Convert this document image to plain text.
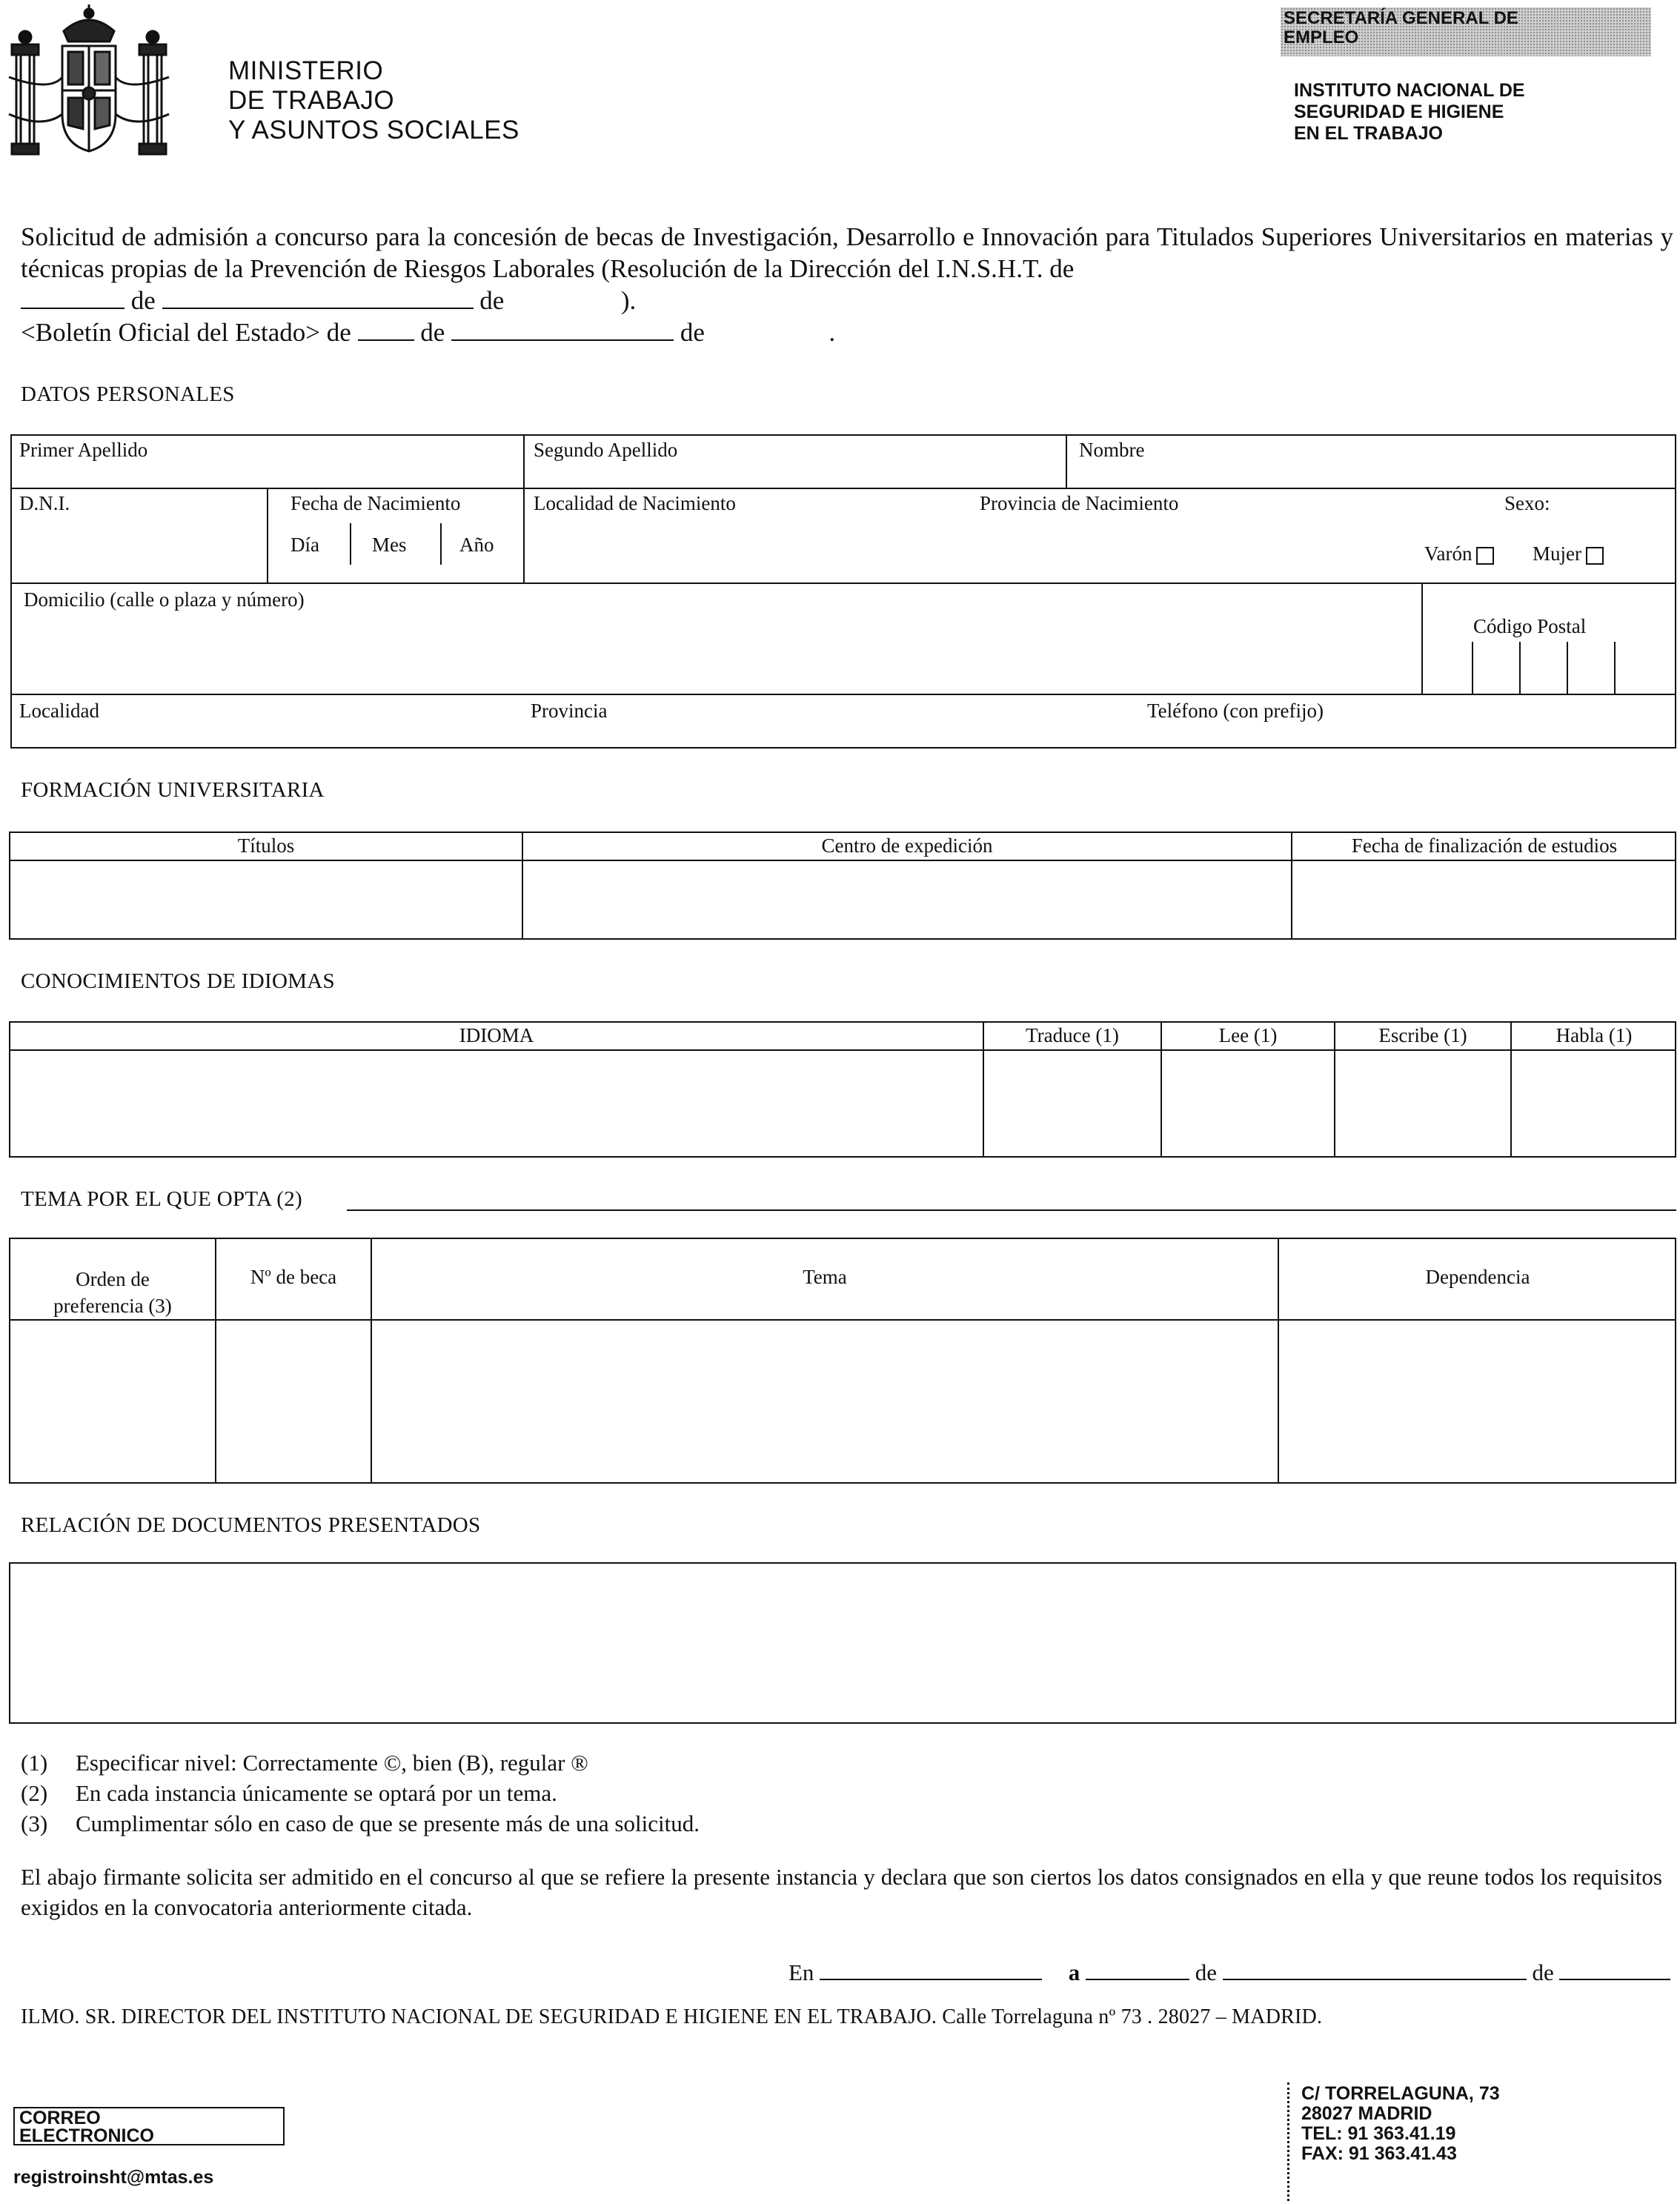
MINISTERIO
DE TRABAJO
Y ASUNTOS SOCIALES
SECRETARÍA GENERAL DE
EMPLEO
INSTITUTO NACIONAL DE
SEGURIDAD E HIGIENE
EN EL TRABAJO
Solicitud de admisión a concurso para la concesión de becas de Investigación, Desarrollo e Innovación para Titulados Superiores Universitarios en materias y técnicas propias de la Prevención de Riesgos Laborales (Resolución de la Dirección del I.N.S.H.T. de
de	de	).
<Boletín Oficial del Estado> de	de	de	.
DATOS PERSONALES
Primer Apellido	Segundo Apellido	Nombre
D.N.I.	Fecha de Nacimiento
Día	Mes	Año
Localidad de Nacimiento	Provincia de Nacimiento	Sexo:
Varón	Mujer
Domicilio (calle o plaza y número)
Código Postal
Localidad	Provincia	Teléfono (con prefijo)
FORMACIÓN UNIVERSITARIA
Títulos	Centro de expedición	Fecha de finalización de estudios
CONOCIMIENTOS DE IDIOMAS
IDIOMA	Traduce (1)	Lee (1)	Escribe (1)	Habla (1)
TEMA POR EL QUE OPTA (2)
Orden de
preferencia (3)
Nº de beca	Tema	Dependencia
RELACIÓN DE DOCUMENTOS PRESENTADOS
(1) Especificar nivel: Correctamente ©, bien (B), regular ®
(2) En cada instancia únicamente se optará por un tema.
(3) Cumplimentar sólo en caso de que se presente más de una solicitud.
El abajo firmante solicita ser admitido en el concurso al que se refiere la presente instancia y declara que son ciertos los datos consignados en ella y que reune todos los requisitos exigidos en la convocatoria anteriormente citada.
En	a	de	de
ILMO. SR. DIRECTOR DEL INSTITUTO NACIONAL DE SEGURIDAD E HIGIENE EN EL TRABAJO. Calle Torrelaguna nº 73 . 28027 – MADRID.
CORREO
ELECTRONICO
registroinsht@mtas.es
C/ TORRELAGUNA, 73
28027 MADRID
TEL: 91 363.41.19
FAX: 91 363.41.43
